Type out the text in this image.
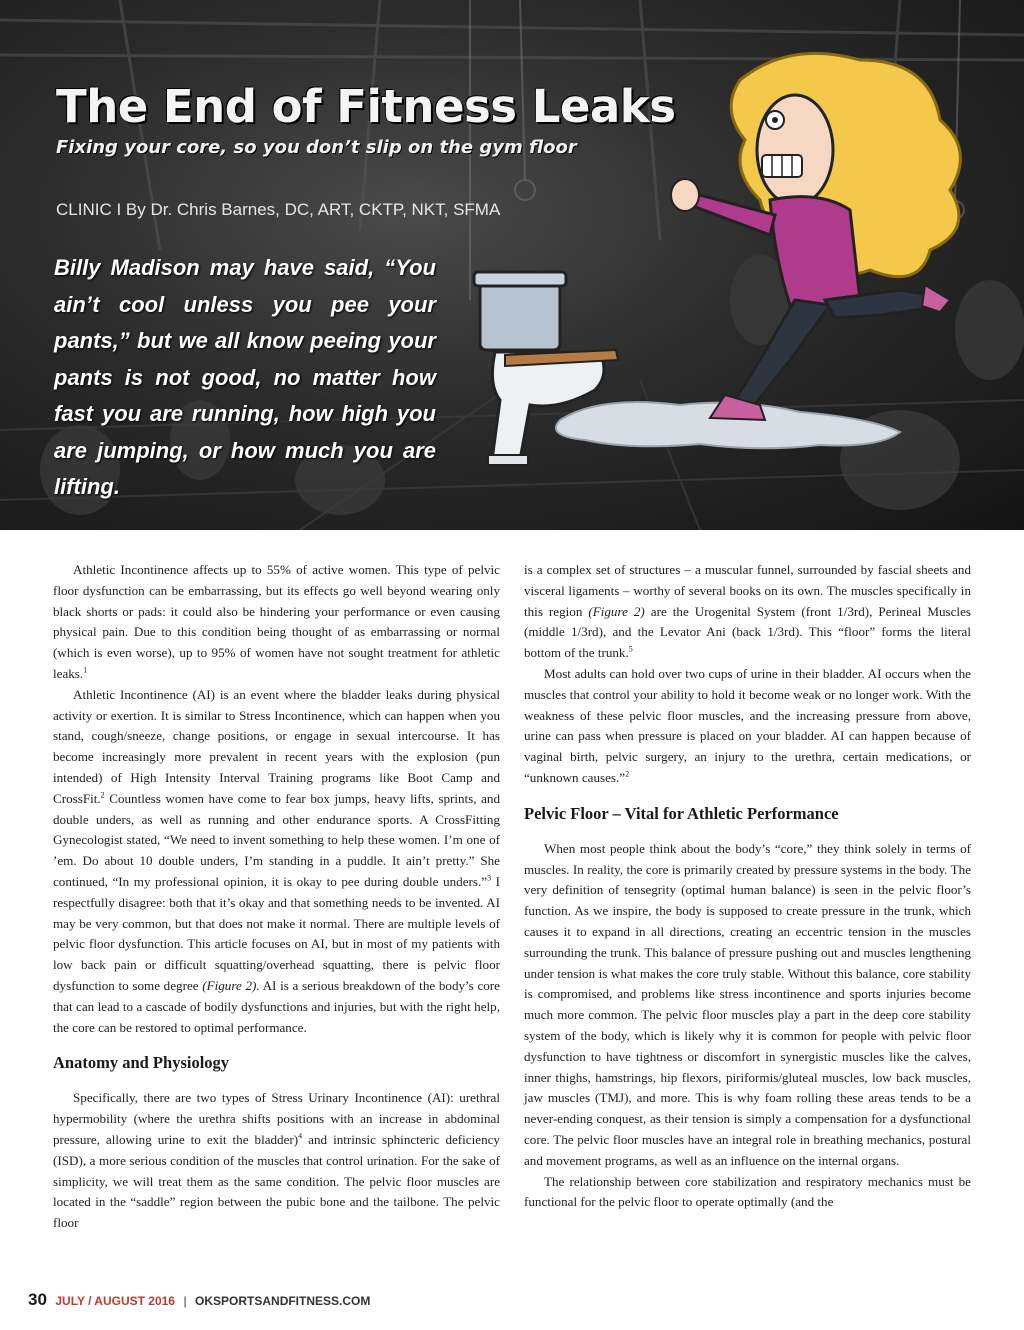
The End of Fitness Leaks
Fixing your core, so you don’t slip on the gym floor
CLINIC I By Dr. Chris Barnes, DC, ART, CKTP, NKT, SFMA
Billy Madison may have said, “You ain’t cool unless you pee your pants,” but we all know peeing your pants is not good, no matter how fast you are running, how high you are jumping, or how much you are lifting.

Athletic Incontinence affects up to 55% of active women. This type of pelvic floor dysfunction can be embarrassing, but its effects go well beyond wearing only black shorts or pads: it could also be hindering your performance or even causing physical pain. Due to this condition being thought of as embarrassing or normal (which is even worse), up to 95% of women have not sought treatment for athletic leaks.$^1$

Athletic Incontinence (AI) is an event where the bladder leaks during physical activity or exertion. It is similar to Stress Incontinence, which can happen when you stand, cough/sneeze, change positions, or engage in sexual intercourse. It has become increasingly more prevalent in recent years with the explosion (pun intended) of High Intensity Interval Training programs like Boot Camp and CrossFit.$^2$ Countless women have come to fear box jumps, heavy lifts, sprints, and double unders, as well as running and other endurance sports. A CrossFitting Gynecologist stated, “We need to invent something to help these women. I’m one of ’em. Do about 10 double unders, I’m standing in a puddle. It ain’t pretty.” She continued, “In my professional opinion, it is okay to pee during double unders.”$^3$ I respectfully disagree: both that it’s okay and that something needs to be invented. AI may be very common, but that does not make it normal. There are multiple levels of pelvic floor dysfunction. This article focuses on AI, but in most of my patients with low back pain or difficult squatting/overhead squatting, there is pelvic floor dysfunction to some degree (Figure 2). AI is a serious breakdown of the body’s core that can lead to a cascade of bodily dysfunctions and injuries, but with the right help, the core can be restored to optimal performance.

Anatomy and Physiology

Specifically, there are two types of Stress Urinary Incontinence (AI): urethral hypermobility (where the urethra shifts positions with an increase in abdominal pressure, allowing urine to exit the bladder)$^4$ and intrinsic sphincteric deficiency (ISD), a more serious condition of the muscles that control urination. For the sake of simplicity, we will treat them as the same condition. The pelvic floor muscles are located in the “saddle” region between the pubic bone and the tailbone. The pelvic floor

is a complex set of structures – a muscular funnel, surrounded by fascial sheets and visceral ligaments – worthy of several books on its own. The muscles specifically in this region (Figure 2) are the Urogenital System (front 1/3rd), Perineal Muscles (middle 1/3rd), and the Levator Ani (back 1/3rd). This “floor” forms the literal bottom of the trunk.$^5$

Most adults can hold over two cups of urine in their bladder. AI occurs when the muscles that control your ability to hold it become weak or no longer work. With the weakness of these pelvic floor muscles, and the increasing pressure from above, urine can pass when pressure is placed on your bladder. AI can happen because of vaginal birth, pelvic surgery, an injury to the urethra, certain medications, or “unknown causes.”$^2$

Pelvic Floor – Vital for Athletic Performance

When most people think about the body’s “core,” they think solely in terms of muscles. In reality, the core is primarily created by pressure systems in the body. The very definition of tensegrity (optimal human balance) is seen in the pelvic floor’s function. As we inspire, the body is supposed to create pressure in the trunk, which causes it to expand in all directions, creating an eccentric tension in the muscles surrounding the trunk. This balance of pressure pushing out and muscles lengthening under tension is what makes the core truly stable. Without this balance, core stability is compromised, and problems like stress incontinence and sports injuries become much more common. The pelvic floor muscles play a part in the deep core stability system of the body, which is likely why it is common for people with pelvic floor dysfunction to have tightness or discomfort in synergistic muscles like the calves, inner thighs, hamstrings, hip flexors, piriformis/gluteal muscles, low back muscles, jaw muscles (TMJ), and more. This is why foam rolling these areas tends to be a never-ending conquest, as their tension is simply a compensation for a dysfunctional core. The pelvic floor muscles have an integral role in breathing mechanics, postural and movement programs, as well as an influence on the internal organs.

The relationship between core stabilization and respiratory mechanics must be functional for the pelvic floor to operate optimally (and the

30 JULY / AUGUST 2016 | OKSPORTSANDFITNESS.COM
